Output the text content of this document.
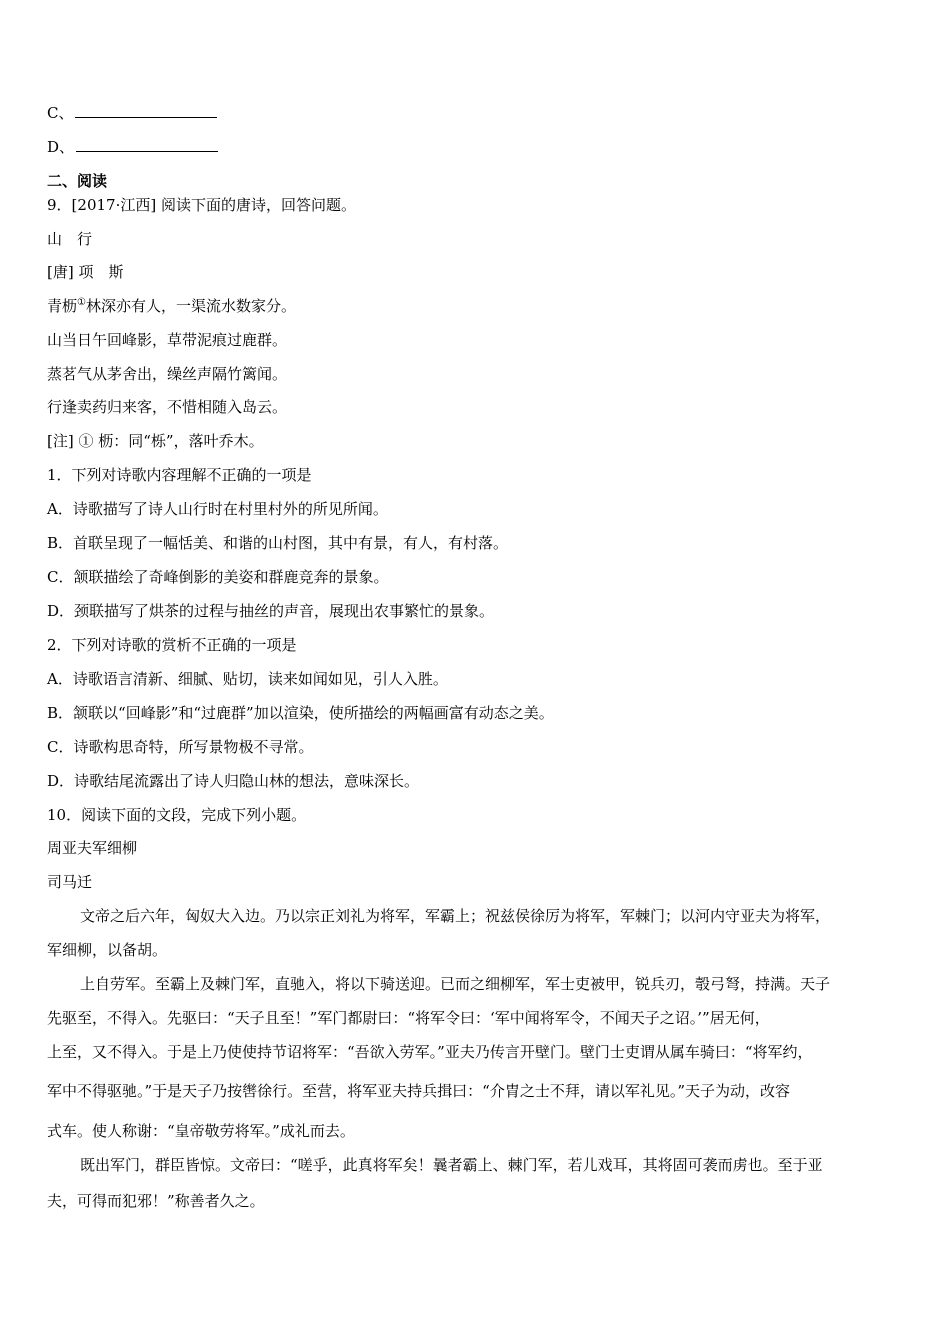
C、
D、
二、阅读
9．[2017·江西] 阅读下面的唐诗，回答问题。
山　行
[唐] 项　斯
青枥①林深亦有人，一渠流水数家分。
山当日午回峰影，草带泥痕过鹿群。
蒸茗气从茅舍出，缲丝声隔竹篱闻。
行逢卖药归来客，不惜相随入岛云。
[注] ① 枥：同“栎”，落叶乔木。
1．下列对诗歌内容理解不正确的一项是
A．诗歌描写了诗人山行时在村里村外的所见所闻。
B．首联呈现了一幅恬美、和谐的山村图，其中有景，有人，有村落。
C．颔联描绘了奇峰倒影的美姿和群鹿竞奔的景象。
D．颈联描写了烘茶的过程与抽丝的声音，展现出农事繁忙的景象。
2．下列对诗歌的赏析不正确的一项是
A．诗歌语言清新、细腻、贴切，读来如闻如见，引人入胜。
B．颔联以“回峰影”和“过鹿群”加以渲染，使所描绘的两幅画富有动态之美。
C．诗歌构思奇特，所写景物极不寻常。
D．诗歌结尾流露出了诗人归隐山林的想法，意味深长。
10．阅读下面的文段，完成下列小题。
周亚夫军细柳
司马迁
文帝之后六年，匈奴大入边。乃以宗正刘礼为将军，军霸上；祝兹侯徐厉为将军，军棘门；以河内守亚夫为将军，
军细柳，以备胡。
上自劳军。至霸上及棘门军，直驰入，将以下骑送迎。已而之细柳军，军士吏被甲，锐兵刃，彀弓弩，持满。天子
先驱至，不得入。先驱曰：“天子且至！”军门都尉曰：“将军令曰：‘军中闻将军令，不闻天子之诏。’”居无何，
上至，又不得入。于是上乃使使持节诏将军：“吾欲入劳军。”亚夫乃传言开壁门。壁门士吏谓从属车骑曰：“将军约，
军中不得驱驰。”于是天子乃按辔徐行。至营，将军亚夫持兵揖曰：“介胄之士不拜，请以军礼见。”天子为动，改容
式车。使人称谢：“皇帝敬劳将军。”成礼而去。
既出军门，群臣皆惊。文帝曰：“嗟乎，此真将军矣！曩者霸上、棘门军，若儿戏耳，其将固可袭而虏也。至于亚
夫，可得而犯邪！”称善者久之。
